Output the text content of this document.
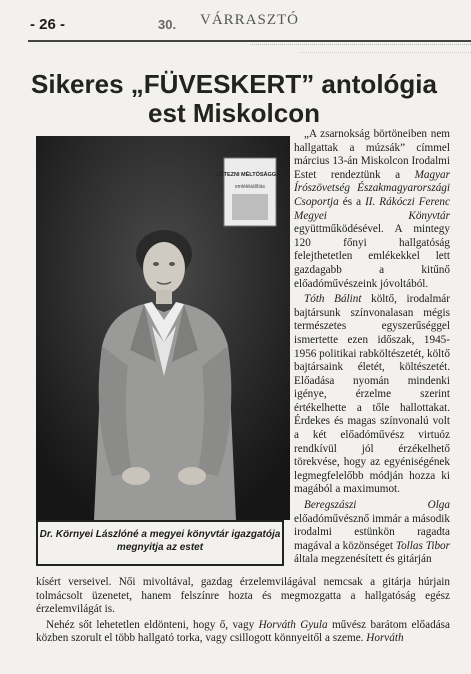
- 26 -	30. VÁRRASZTÓ
Sikeres „FÜVESKERT” antológia est Miskolcon
LÉTEZNI MÉLTÓSÁGGAL
emlékkiállítás
Dr. Környei Lászlóné a megyei könyvtár igazgatója megnyitja az estet

„A zsarnokság börtöneiben nem hallgattak a múzsák” címmel március 13-án Miskolcon Irodalmi Estet rendeztünk a Magyar Írószövetség Északmagyarországi Csoportja és a II. Rákóczi Ferenc Megyei Könyvtár együttműködésével. A mintegy 120 főnyi hallgatóság felejthetetlen emlékekkel lett gazdagabb a kitűnő előadóművészeink jóvoltából.

Tóth Bálint költő, irodalmár bajtársunk színvonalasan mégis természetes egyszerűséggel ismertette ezen időszak, 1945-1956 politikai rabköltészetét, költő bajtársaink életét, költészetét. Előadása nyomán mindenki igénye, érzelme szerint értékelhette a tőle hallottakat. Érdekes és magas színvonalú volt a két előadóművész virtuóz rendkívül jól érzékelhető törekvése, hogy az egyéniségének legmegfelelőbb módján hozza ki magából a maximumot.

Beregszászi Olga előadóművésznő immár a második irodalmi estünkön ragadta magával a közönséget Tollas Tibor általa megzenésített és gitárján

kísért verseivel. Női mivoltával, gazdag érzelemvilágával nemcsak a gitárja húrjain tolmácsolt üzenetet, hanem felszínre hozta és megmozgatta a hallgatóság egész érzelemvilágát is.

Nehéz sőt lehetetlen eldönteni, hogy ő, vagy Horváth Gyula művész barátom előadása közben szorult el több hallgató torka, vagy csillogott könnyeitől a szeme. Horváth
